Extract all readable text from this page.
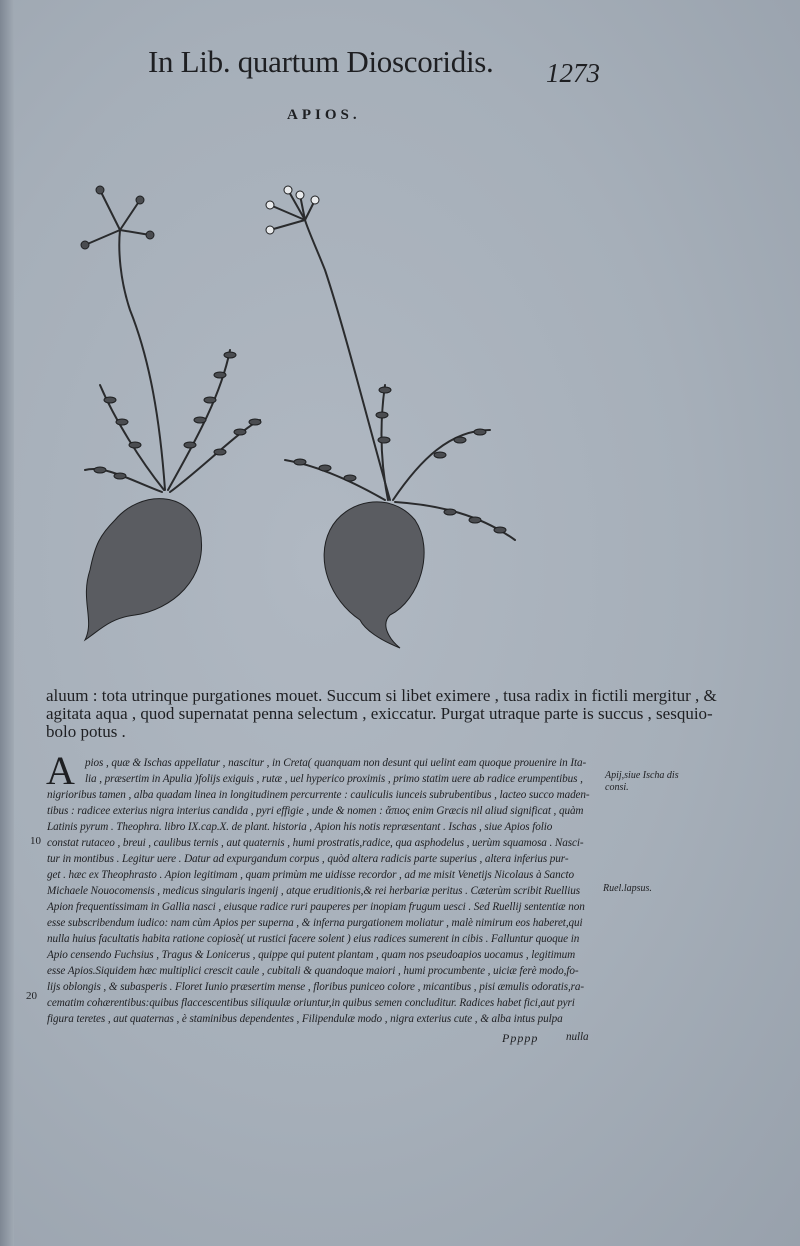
In Lib. quartum Dioscoridis. 1273
APIOS.
aluum : tota utrinque purgationes mouet. Succum si libet eximere , tusa radix in fictili mergitur , &
agitata aqua , quod supernatat penna selectum , exiccatur. Purgat utraque parte is succus , sesquio-
bolo potus .
A pios , quæ & Ischas appellatur , nascitur , in Creta( quanquam non desunt qui uelint eam quoque prouenire in Ita-
lia , præsertim in Apulia )folijs exiguis , rutæ , uel hyperico proximis , primo statim uere ab radice erumpentibus ,
nigrioribus tamen , alba quadam linea in longitudinem percurrente : cauliculis iunceis subrubentibus , lacteo succo maden-
tibus : radicee exterius nigra interius candida , pyri effigie , unde & nomen : ἄπιος enim Græcis nil aliud significat , quàm
Latinis pyrum . Theophra. libro IX.cap.X. de plant. historia , Apion his notis repræsentant . Ischas , siue Apios folio
constat rutaceo , breui , caulibus ternis , aut quaternis , humi prostratis,radice, qua asphodelus , uerùm squamosa . Nasci-
tur in montibus . Legitur uere . Datur ad expurgandum corpus , quòd altera radicis parte superius , altera inferius pur-
get . hæc ex Theophrasto . Apion legitimam , quam primùm me uidisse recordor , ad me misit Venetijs Nicolaus à Sancto
Michaele Nouocomensis , medicus singularis ingenij , atque eruditionis,& rei herbariæ peritus . Cæterùm scribit Ruellius
Apion frequentissimam in Gallia nasci , eiusque radice ruri pauperes per inopiam frugum uesci . Sed Ruellij sententiæ non
esse subscribendum iudico: nam cùm Apios per superna , & inferna purgationem moliatur , malè nimirum eos haberet,qui
nulla huius facultatis habita ratione copiosè( ut rustici facere solent ) eius radices sumerent in cibis . Falluntur quoque in
Apio censendo Fuchsius , Tragus & Lonicerus , quippe qui putent plantam , quam nos pseudoapios uocamus , legitimum
esse Apios.Siquidem hæc multiplici crescit caule , cubitali & quandoque maiori , humi procumbente , uiciæ ferè modo,fo-
lijs oblongis , & subasperis . Floret Iunio præsertim mense , floribus puniceo colore , micantibus , pisi æmulis odoratis,ra-
cematim cohærentibus:quibus flaccescentibus siliquulæ oriuntur,in quibus semen concluditur. Radices habet fici,aut pyri
figura teretes , aut quaternas , è staminibus dependentes , Filipendulæ modo , nigra exterius cute , & alba intus pulpa
10
20
Apij,siue Ischa dis consi.
Ruel.lapsus.
Ppppp nulla
